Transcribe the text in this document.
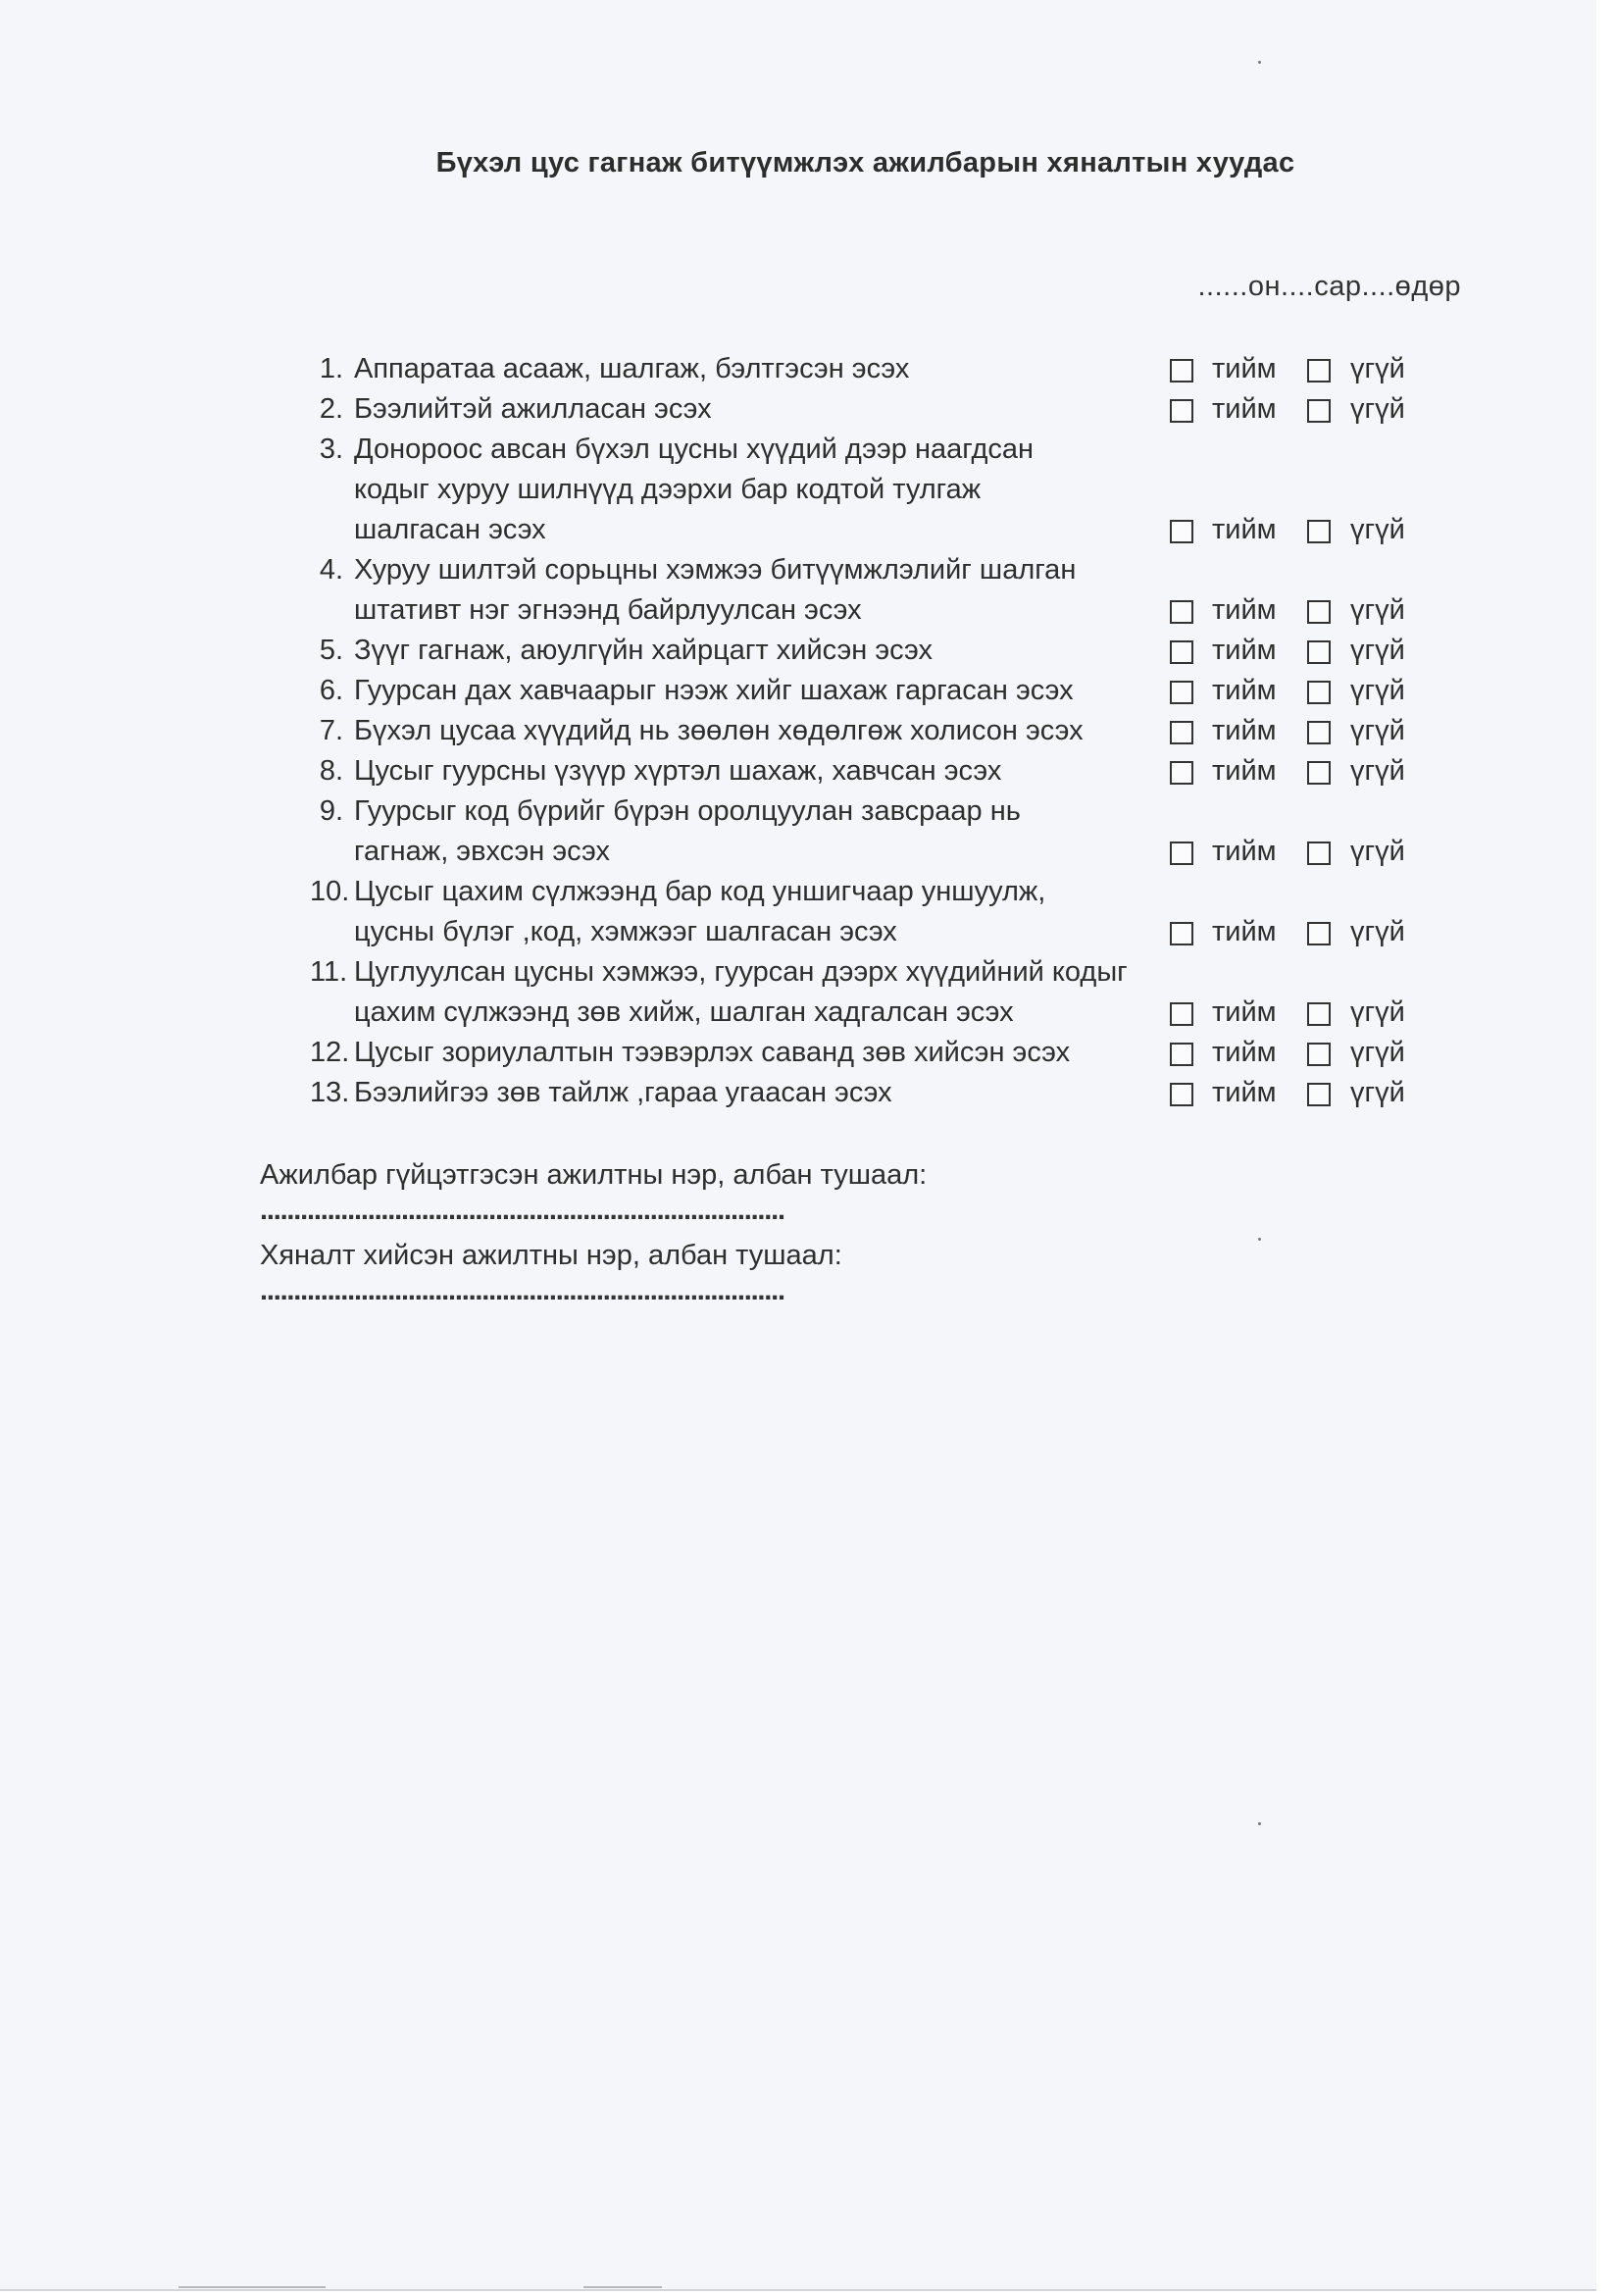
Бүхэл цус гагнаж битүүмжлэх ажилбарын хяналтын хуудас
......он....сар....өдөр
1. Аппаратаа асааж, шалгаж, бэлтгэсэн эсэх	тийм	үгүй
2. Бээлийтэй ажилласан эсэх	тийм	үгүй
3. Донороос авсан бүхэл цусны хүүдий дээр наагдсан
кодыг хуруу шилнүүд дээрхи бар кодтой тулгаж
шалгасан эсэх	тийм	үгүй
4. Хуруу шилтэй сорьцны хэмжээ битүүмжлэлийг шалган
штативт нэг эгнээнд байрлуулсан эсэх	тийм	үгүй
5. Зүүг гагнаж, аюулгүйн хайрцагт хийсэн эсэх	тийм	үгүй
6. Гуурсан дах хавчаарыг нээж хийг шахаж гаргасан эсэх	тийм	үгүй
7. Бүхэл цусаа хүүдийд нь зөөлөн хөдөлгөж холисон эсэх	тийм	үгүй
8. Цусыг гуурсны үзүүр хүртэл шахаж, хавчсан эсэх	тийм	үгүй
9. Гуурсыг код бүрийг бүрэн оролцуулан завсраар нь
гагнаж, эвхсэн эсэх	тийм	үгүй
10. Цусыг цахим сүлжээнд бар код уншигчаар уншуулж,
цусны бүлэг ,код, хэмжээг шалгасан эсэх	тийм	үгүй
11. Цуглуулсан цусны хэмжээ, гуурсан дээрх хүүдийний кодыг
цахим сүлжээнд зөв хийж, шалган хадгалсан эсэх	тийм	үгүй
12. Цусыг зориулалтын тээвэрлэх саванд зөв хийсэн эсэх	тийм	үгүй
13. Бээлийгээ зөв тайлж ,гараа угаасан эсэх	тийм	үгүй
Ажилбар гүйцэтгэсэн ажилтны нэр, албан тушаал:
..............................................................................
Хяналт хийсэн ажилтны нэр, албан тушаал:
..............................................................................
